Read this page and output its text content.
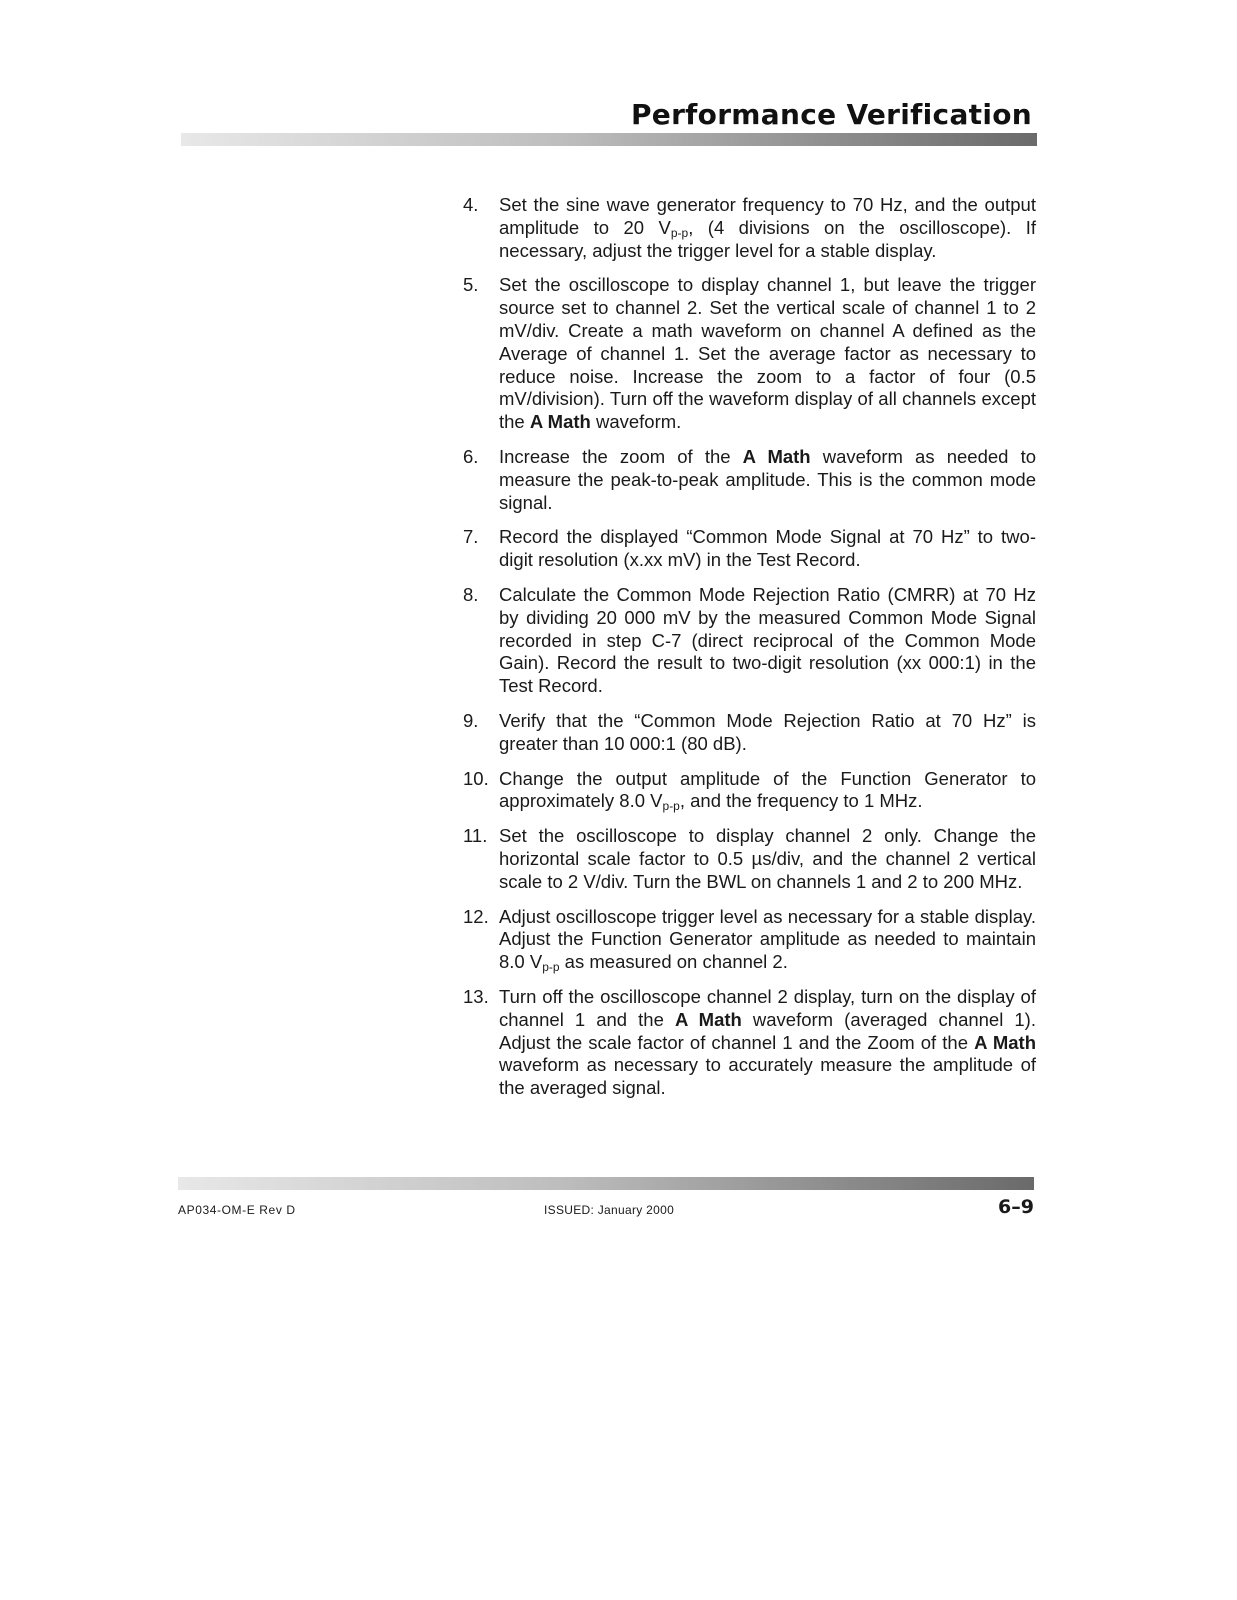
Performance Verification
4.	Set the sine wave generator frequency to 70 Hz, and the output amplitude to 20 $V_{p-p}$, (4 divisions on the oscilloscope). If necessary, adjust the trigger level for a stable display.
5.	Set the oscilloscope to display channel 1, but leave the trigger source set to channel 2. Set the vertical scale of channel 1 to 2 mV/div. Create a math waveform on channel A defined as the Average of channel 1. Set the average factor as necessary to reduce noise. Increase the zoom to a factor of four (0.5 mV/division). Turn off the waveform display of all channels except the A Math waveform.
6.	Increase the zoom of the A Math waveform as needed to measure the peak-to-peak amplitude. This is the common mode signal.
7.	Record the displayed “Common Mode Signal at 70 Hz” to two-digit resolution (x.xx mV) in the Test Record.
8.	Calculate the Common Mode Rejection Ratio (CMRR) at 70 Hz by dividing 20 000 mV by the measured Common Mode Signal recorded in step C-7 (direct reciprocal of the Common Mode Gain). Record the result to two-digit resolution (xx 000:1) in the Test Record.
9.	Verify that the “Common Mode Rejection Ratio at 70 Hz” is greater than 10 000:1 (80 dB).
10. Change the output amplitude of the Function Generator to approximately 8.0 $V_{p-p}$, and the frequency to 1 MHz.
11. Set the oscilloscope to display channel 2 only. Change the horizontal scale factor to 0.5 µs/div, and the channel 2 vertical scale to 2 V/div. Turn the BWL on channels 1 and 2 to 200 MHz.
12. Adjust oscilloscope trigger level as necessary for a stable display. Adjust the Function Generator amplitude as needed to maintain 8.0 $V_{p-p}$ as measured on channel 2.
13. Turn off the oscilloscope channel 2 display, turn on the display of channel 1 and the A Math waveform (averaged channel 1). Adjust the scale factor of channel 1 and the Zoom of the A Math waveform as necessary to accurately measure the amplitude of the averaged signal.
AP034-OM-E Rev D	ISSUED: January 2000	6–9
